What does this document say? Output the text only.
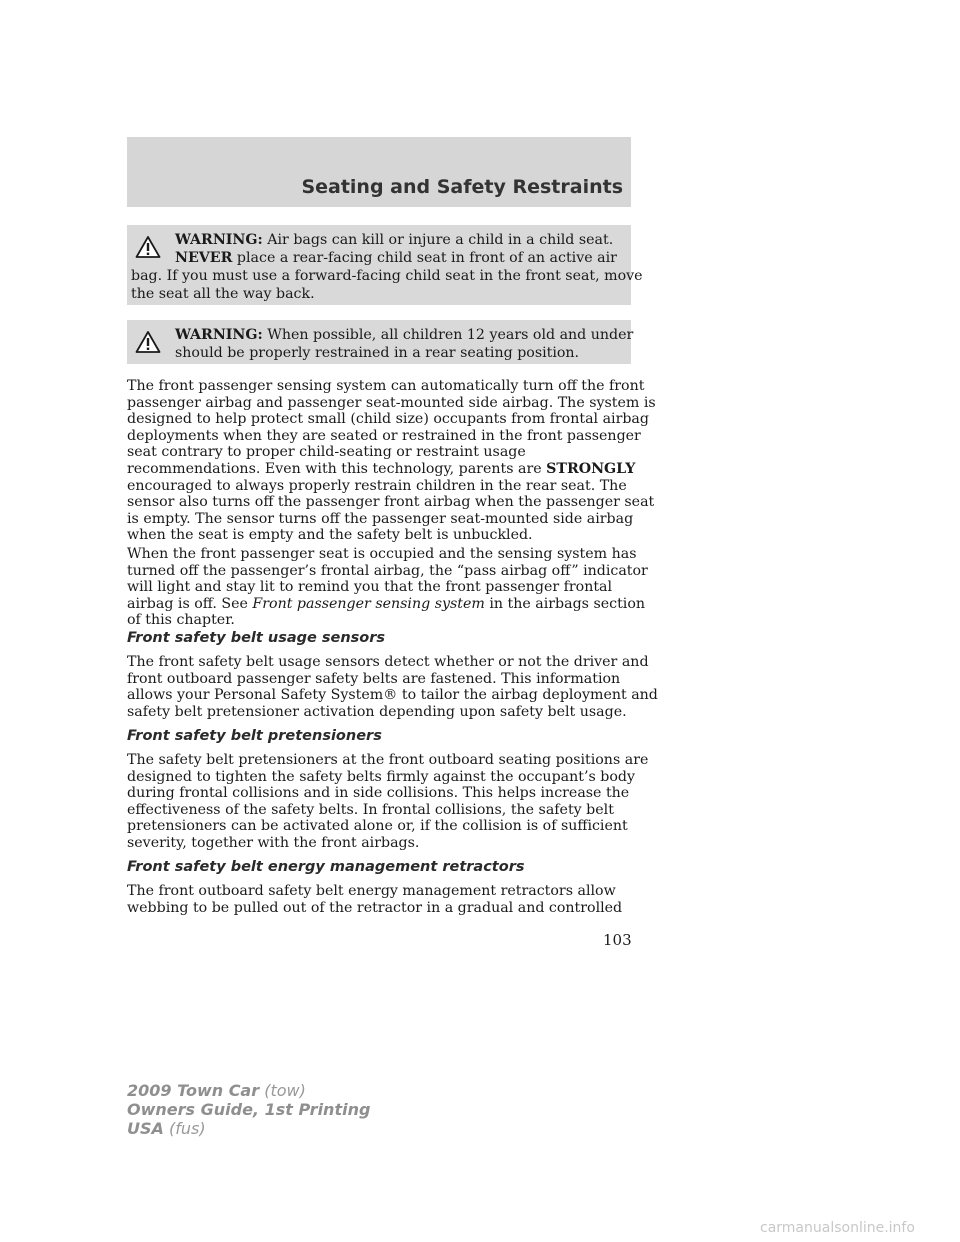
Seating and Safety Restraints
WARNING: Air bags can kill or injure a child in a child seat.
NEVER place a rear-facing child seat in front of an active air
bag. If you must use a forward-facing child seat in the front seat, move
the seat all the way back.
WARNING: When possible, all children 12 years old and under
should be properly restrained in a rear seating position.
The front passenger sensing system can automatically turn off the front
passenger airbag and passenger seat-mounted side airbag. The system is
designed to help protect small (child size) occupants from frontal airbag
deployments when they are seated or restrained in the front passenger
seat contrary to proper child-seating or restraint usage
recommendations. Even with this technology, parents are STRONGLY
encouraged to always properly restrain children in the rear seat. The
sensor also turns off the passenger front airbag when the passenger seat
is empty. The sensor turns off the passenger seat-mounted side airbag
when the seat is empty and the safety belt is unbuckled.
When the front passenger seat is occupied and the sensing system has
turned off the passenger’s frontal airbag, the “pass airbag off” indicator
will light and stay lit to remind you that the front passenger frontal
airbag is off. See Front passenger sensing system in the airbags section
of this chapter.
Front safety belt usage sensors
The front safety belt usage sensors detect whether or not the driver and
front outboard passenger safety belts are fastened. This information
allows your Personal Safety System® to tailor the airbag deployment and
safety belt pretensioner activation depending upon safety belt usage.
Front safety belt pretensioners
The safety belt pretensioners at the front outboard seating positions are
designed to tighten the safety belts firmly against the occupant’s body
during frontal collisions and in side collisions. This helps increase the
effectiveness of the safety belts. In frontal collisions, the safety belt
pretensioners can be activated alone or, if the collision is of sufficient
severity, together with the front airbags.
Front safety belt energy management retractors
The front outboard safety belt energy management retractors allow
webbing to be pulled out of the retractor in a gradual and controlled
103
2009 Town Car (tow)
Owners Guide, 1st Printing
USA (fus)
carmanualsonline.info
